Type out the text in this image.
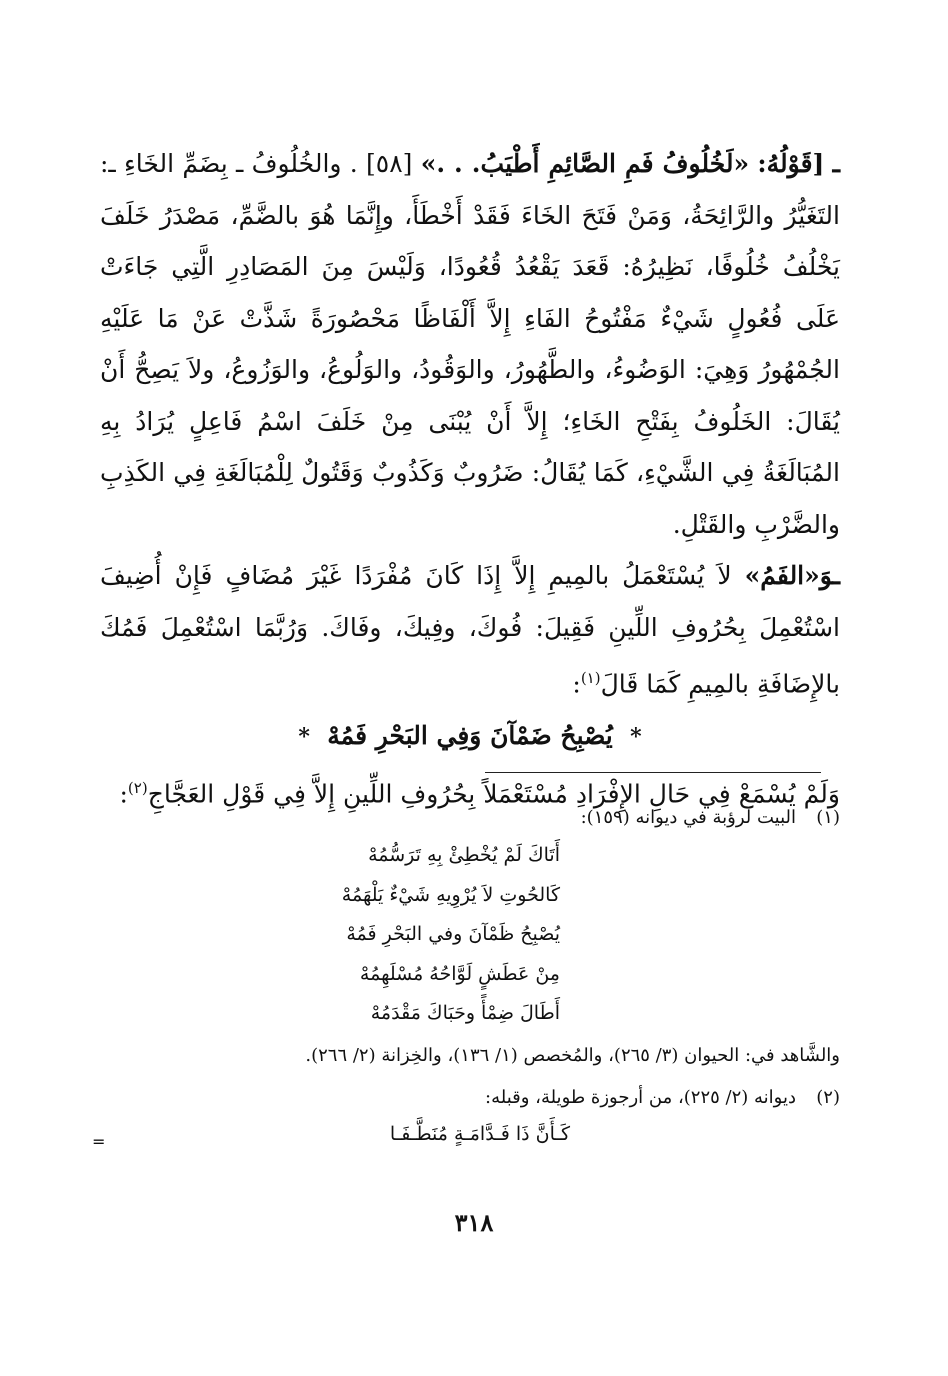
ـ [قَوْلُهُ: «لَخُلُوفُ فَمِ الصَّائِمِ أَطْيَبُ. . .» [٥٨] . والخُلُوفُ ـ بِضَمِّ الخَاءِ ـ: التَغَيُّرُ والرَّائِحَةُ، وَمَنْ فَتَحَ الخَاءَ فَقَدْ أَخْطَأَ، وإِنَّمَا هُوَ بالضَّمِّ، مَصْدَرُ خَلَفَ يَخْلُفُ خُلُوفًا، نَظِيرُهُ: قَعَدَ يَقْعُدُ قُعُودًا، وَلَيْسَ مِنَ المَصَادِرِ الَّتِي جَاءَتْ عَلَى فُعُولٍ شَيْءٌ مَفْتُوحُ الفَاءِ إِلاَّ أَلْفَاظًا مَحْصُورَةً شَذَّتْ عَنْ مَا عَلَيْهِ الجُمْهُورُ وَهِيَ: الوَضُوءُ، والطَّهُورُ، والوَقُودُ، والوَلُوعُ، والوَزُوعُ، ولاَ يَصِحُّ أَنْ يُقَالَ: الخَلُوفُ بِفَتْحِ الخَاءِ؛ إِلاَّ أَنْ يُبْنَى مِنْ خَلَفَ اسْمُ فَاعِلٍ يُرَادُ بِهِ المُبَالَغَةُ فِي الشَّيْءِ، كَمَا يُقَالُ: ضَرُوبٌ وَكَذُوبٌ وَقَتُولٌ لِلْمُبَالَغَةِ فِي الكَذِبِ والضَّرْبِ والقَتْلِ.

ـوَ«الفَمُ» لاَ يُسْتَعْمَلُ بالمِيمِ إِلاَّ إِذَا كَانَ مُفْرَدًا غَيْرَ مُضَافٍ فَإِنْ أُضِيفَ اسْتُعْمِلَ بِحُرُوفِ اللِّينِ فَقِيلَ: فُوكَ، وفِيكَ، وفَاكَ. وَرُبَّمَا اسْتُعْمِلَ فَمُكَ بالإِضَافَةِ بالمِيمِ كَمَا قَالَ$^{(١)}$:

*  يُصْبِحُ ضَمْآنَ وَفِي البَحْرِ فَمُهْ  *

وَلَمْ يُسْمَعْ فِي حَالِ الإِفْرَادِ مُسْتَعْمَلاً بِحُرُوفِ اللِّينِ إِلاَّ فِي قَوْلِ العَجَّاجِ$^{(٢)}$:

(١)البيت لرؤبة في ديوانه (١٥٩):

أَتَاكَ لَمْ يُخْطِئْ بِهِ تَرَسُّمُهْ
كَالحُوتِ لاَ يُرْوِيهِ شَيْءٌ يَلْهَمُهْ
يُصْبِحُ ظَمْآنَ وفي البَحْرِ فَمُهْ
مِنْ عَطَشٍ لَوَّاحُهُ مُسْلَهِمُهْ
أَطَالَ ضِمْأً وحَبَاكَ مَقْدَمُهْ

والشَّاهد في: الحيوان (٣/ ٢٦٥)، والمُخصص (١/ ١٣٦)، والخِزانة (٢/ ٢٦٦).

(٢)ديوانه (٢/ ٢٢٥)، من أرجوزة طويلة، وقبله:

كَـأَنَّ ذَا فَـدَّامَـةٍ مُنَطَّـفَـا

=
٣١٨
